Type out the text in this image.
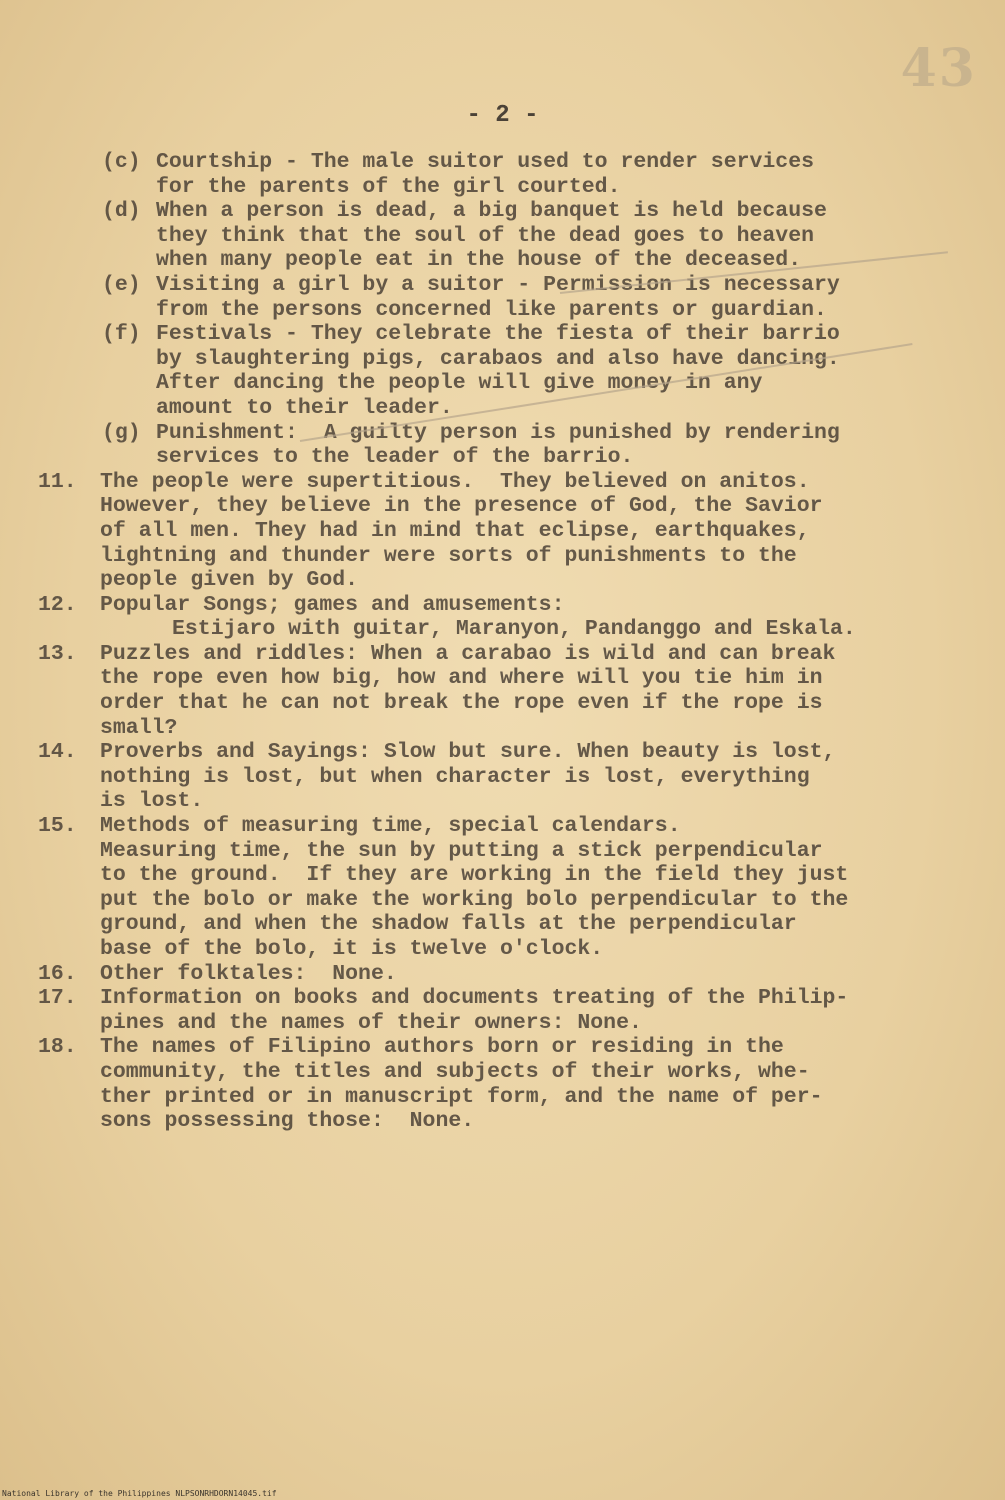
43
- 2 -
(c) Courtship - The male suitor used to render services
for the parents of the girl courted.
(d) When a person is dead, a big banquet is held because
they think that the soul of the dead goes to heaven
when many people eat in the house of the deceased.
(e) Visiting a girl by a suitor - Permission is necessary
from the persons concerned like parents or guardian.
(f) Festivals - They celebrate the fiesta of their barrio
by slaughtering pigs, carabaos and also have dancing.
After dancing the people will give money in any
amount to their leader.
(g) Punishment:  A guilty person is punished by rendering
services to the leader of the barrio.
11. The people were supertitious.  They believed on anitos.
However, they believe in the presence of God, the Savior
of all men. They had in mind that eclipse, earthquakes,
lightning and thunder were sorts of punishments to the
people given by God.
12. Popular Songs; games and amusements:
Estijaro with guitar, Maranyon, Pandanggo and Eskala.
13. Puzzles and riddles: When a carabao is wild and can break
the rope even how big, how and where will you tie him in
order that he can not break the rope even if the rope is
small?
14. Proverbs and Sayings: Slow but sure. When beauty is lost,
nothing is lost, but when character is lost, everything
is lost.
15. Methods of measuring time, special calendars.
Measuring time, the sun by putting a stick perpendicular
to the ground.  If they are working in the field they just
put the bolo or make the working bolo perpendicular to the
ground, and when the shadow falls at the perpendicular
base of the bolo, it is twelve o'clock.
16. Other folktales:  None.
17. Information on books and documents treating of the Philip-
pines and the names of their owners: None.
18. The names of Filipino authors born or residing in the
community, the titles and subjects of their works, whe-
ther printed or in manuscript form, and the name of per-
sons possessing those:  None.
National Library of the Philippines NLPSONRHDORN14045.tif
